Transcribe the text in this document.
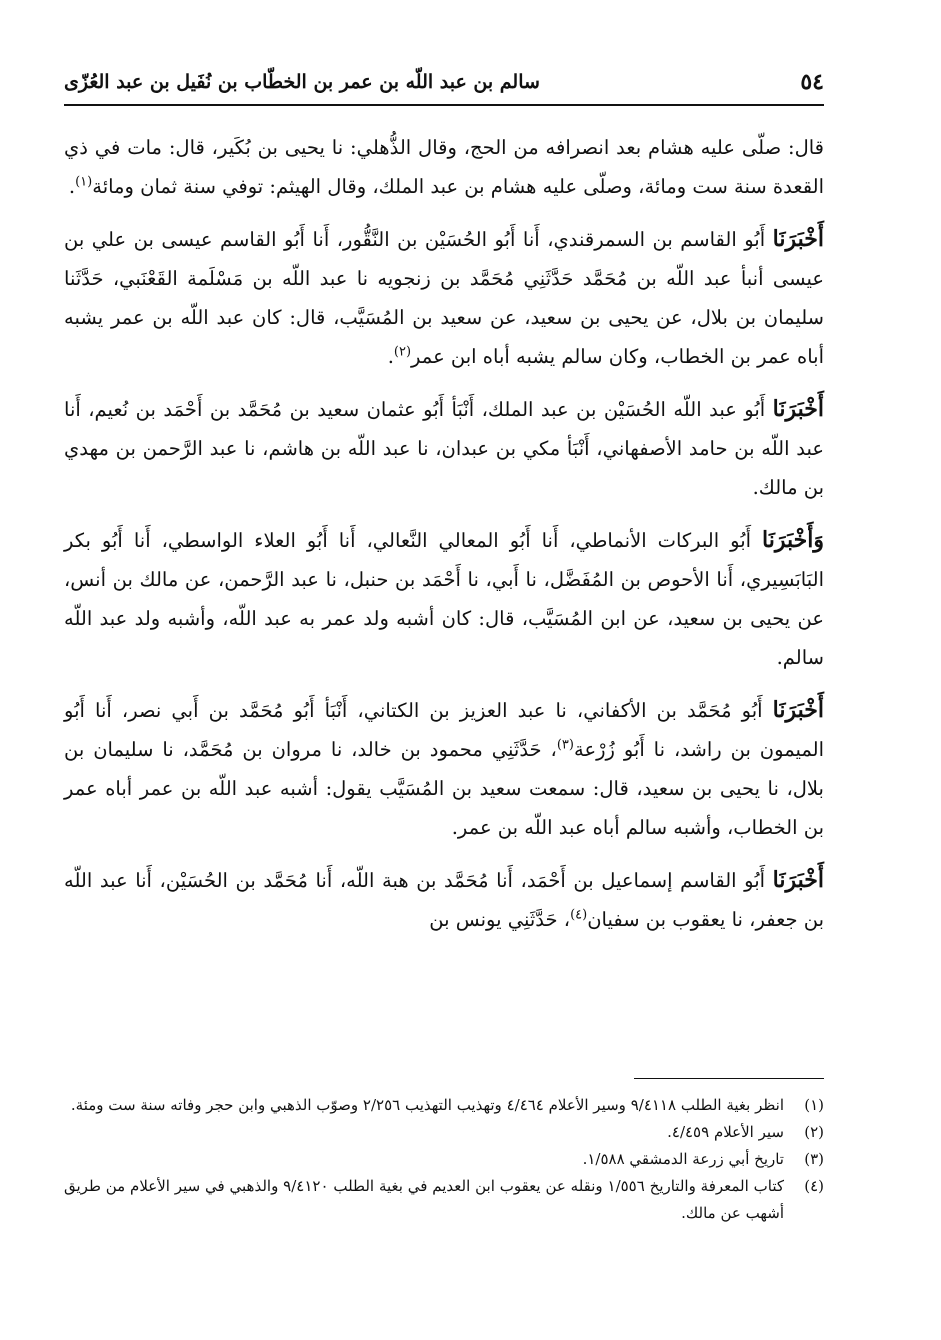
٥٤
سالم بن عبد اللّه بن عمر بن الخطّاب بن نُفَيل بن عبد العُزّى

قال: صلّى عليه هشام بعد انصرافه من الحج، وقال الذُّهلي: نا يحيى بن بُكَير، قال: مات في ذي القعدة سنة ست ومائة، وصلّى عليه هشام بن عبد الملك، وقال الهيثم: توفي سنة ثمان ومائة$^{(١)}$.

أَخْبَرَنَا أَبُو القاسم بن السمرقندي، أَنا أَبُو الحُسَيْن بن النَّقُّور، أَنا أَبُو القاسم عيسى بن علي بن عيسى أنبأ عبد اللّه بن مُحَمَّد حَدَّثَنِي مُحَمَّد بن زنجويه نا عبد اللّه بن مَسْلَمة القَعْنَبي، حَدَّثَنا سليمان بن بلال، عن يحيى بن سعيد، عن سعيد بن المُسَيَّب، قال: كان عبد اللّه بن عمر يشبه أباه عمر بن الخطاب، وكان سالم يشبه أباه ابن عمر$^{(٢)}$.

أَخْبَرَنَا أَبُو عبد اللّه الحُسَيْن بن عبد الملك، أَنْبَأ أَبُو عثمان سعيد بن مُحَمَّد بن أَحْمَد بن نُعيم، أَنا عبد اللّه بن حامد الأصفهاني، أَنْبَأ مكي بن عبدان، نا عبد اللّه بن هاشم، نا عبد الرَّحمن بن مهدي بن مالك.

وَأَخْبَرَنَا أَبُو البركات الأنماطي، أَنا أَبُو المعالي النَّعالي، أَنا أَبُو العلاء الواسطي، أَنا أَبُو بكر البَابَسِيري، أَنا الأحوص بن المُفَضَّل، نا أَبي، نا أَحْمَد بن حنبل، نا عبد الرَّحمن، عن مالك بن أنس، عن يحيى بن سعيد، عن ابن المُسَيَّب، قال: كان أشبه ولد عمر به عبد اللّه، وأشبه ولد عبد اللّه سالم.

أَخْبَرَنَا أَبُو مُحَمَّد بن الأكفاني، نا عبد العزيز بن الكتاني، أَنْبَأ أَبُو مُحَمَّد بن أَبي نصر، أَنا أَبُو الميمون بن راشد، نا أَبُو زُرْعة$^{(٣)}$، حَدَّثَنِي محمود بن خالد، نا مروان بن مُحَمَّد، نا سليمان بن بلال، نا يحيى بن سعيد، قال: سمعت سعيد بن المُسَيَّب يقول: أشبه عبد اللّه بن عمر أباه عمر بن الخطاب، وأشبه سالم أباه عبد اللّه بن عمر.

أَخْبَرَنَا أَبُو القاسم إسماعيل بن أَحْمَد، أَنا مُحَمَّد بن هبة اللّه، أَنا مُحَمَّد بن الحُسَيْن، أَنا عبد اللّه بن جعفر، نا يعقوب بن سفيان$^{(٤)}$، حَدَّثَنِي يونس بن

(١)
انظر بغية الطلب ٩/٤١١٨ وسير الأعلام ٤/٤٦٤ وتهذيب التهذيب ٢/٢٥٦ وصوّب الذهبي وابن حجر وفاته سنة ست ومئة.
(٢)
سير الأعلام ٤/٤٥٩.
(٣)
تاريخ أبي زرعة الدمشقي ١/٥٨٨.
(٤)
كتاب المعرفة والتاريخ ١/٥٥٦ ونقله عن يعقوب ابن العديم في بغية الطلب ٩/٤١٢٠ والذهبي في سير الأعلام من طريق أشهب عن مالك.
